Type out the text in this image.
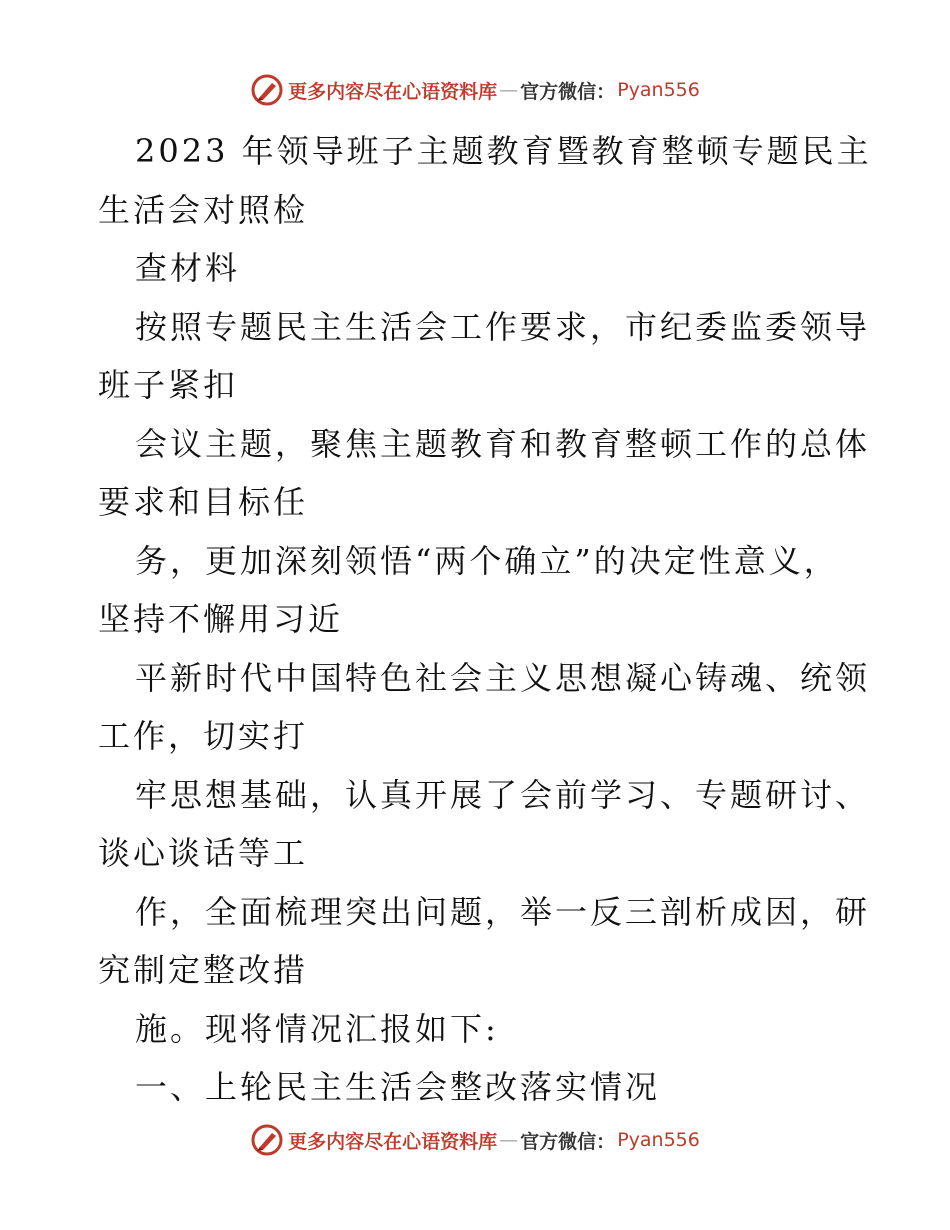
更多内容尽在心语资料库 — 官方微信： Pyan556
2023 年领导班子主题教育暨教育整顿专题民主
生活会对照检
查材料
按照专题民主生活会工作要求，市纪委监委领导
班子紧扣
会议主题，聚焦主题教育和教育整顿工作的总体
要求和目标任
务，更加深刻领悟“两个确立”的决定性意义，
坚持不懈用习近
平新时代中国特色社会主义思想凝心铸魂、统领
工作，切实打
牢思想基础，认真开展了会前学习、专题研讨、
谈心谈话等工
作，全面梳理突出问题，举一反三剖析成因，研
究制定整改措
施。现将情况汇报如下:
一、上轮民主生活会整改落实情况
更多内容尽在心语资料库 — 官方微信： Pyan556
